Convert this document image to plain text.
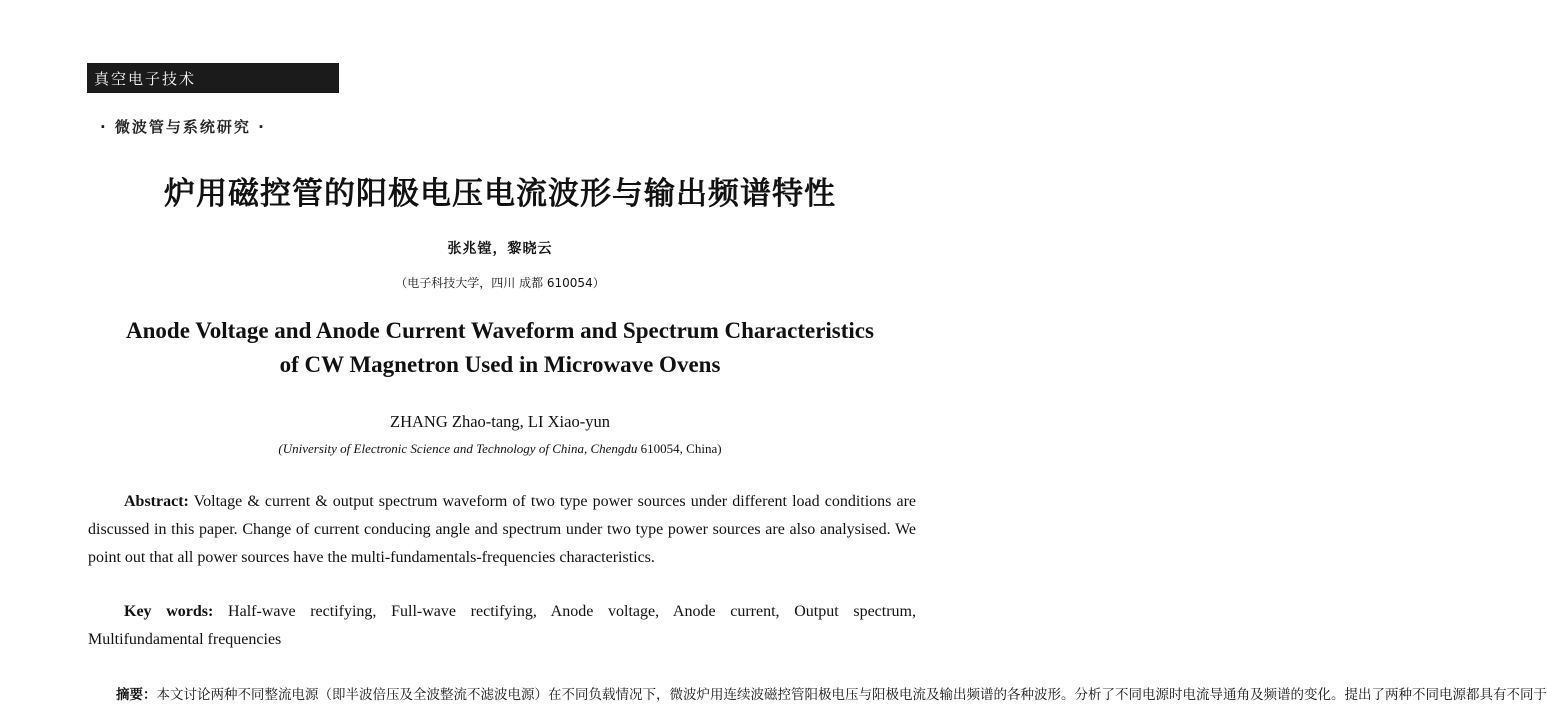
真空电子技术
· 微波管与系统研究 ·
炉用磁控管的阳极电压电流波形与输出频谱特性
张兆镗，黎晓云
（电子科技大学，四川 成都 610054）
Anode Voltage and Anode Current Waveform and Spectrum Characteristics
of CW Magnetron Used in Microwave Ovens
ZHANG Zhao-tang, LI Xiao-yun
(University of Electronic Science and Technology of China, Chengdu 610054, China)
Abstract: Voltage & current & output spectrum waveform of two type power sources under different load conditions are discussed in this paper. Change of current conducing angle and spectrum under two type power sources are also analysised. We point out that all power sources have the multi-fundamentals-frequencies characteristics.
Key words: Half-wave rectifying, Full-wave rectifying, Anode voltage, Anode current, Output spectrum, Multifundamental frequencies
摘要：本文讨论两种不同整流电源（即半波倍压及全波整流不滤波电源）在不同负载情况下，微波炉用连续波磁控管阳极电压与阳极电流及输出频谱的各种波形。分析了不同电源时电流导通角及频谱的变化。提出了两种不同电源都具有不同于
